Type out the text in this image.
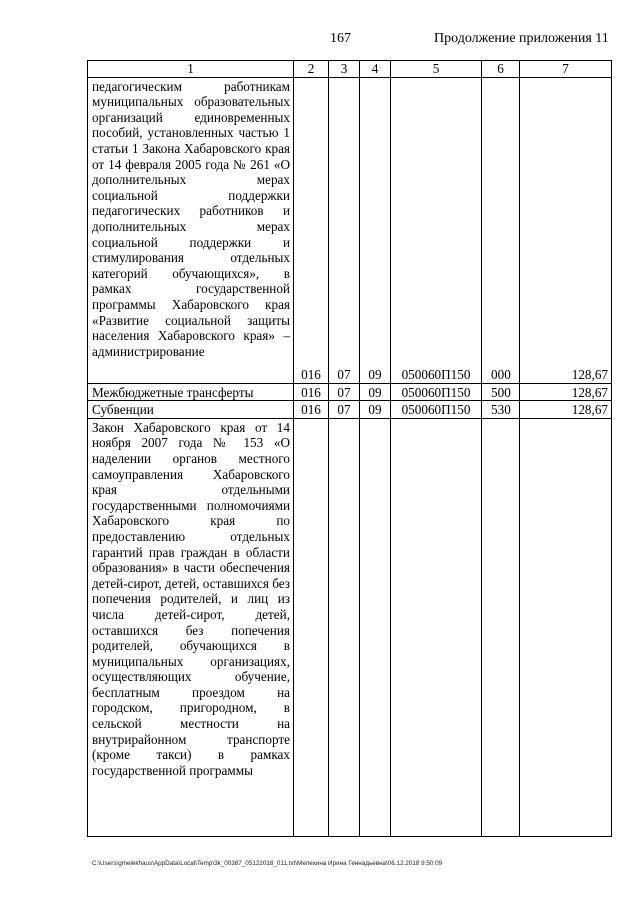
167	Продолжение приложения 11
1	2	3	4	5	6	7
педагогическим работникам муниципальных образовательных организаций единовременных пособий, установленных частью 1 статьи 1 Закона Хабаровского края от 14 февраля 2005 года № 261 «О дополнительных мерах социальной поддержки педагогических работников и дополнительных мерах социальной поддержки и стимулирования отдельных категорий обучающихся», в рамках государственной программы Хабаровского края «Развитие социальной защиты населения Хабаровского края» – администрирование	016	07	09	050060П150	000	128,67
Межбюджетные трансферты	016	07	09	050060П150	500	128,67
Субвенции	016	07	09	050060П150	530	128,67
Закон Хабаровского края от 14 ноября 2007 года № 153 «О наделении органов местного самоуправления Хабаровского края отдельными государственными полномочиями Хабаровского края по предоставлению отдельных гарантий прав граждан в области образования» в части обеспечения детей-сирот, детей, оставшихся без попечения родителей, и лиц из числа детей-сирот, детей, оставшихся без попечения родителей, обучающихся в муниципальных организациях, осуществляющих обучение, бесплатным проездом на городском, пригородном, в сельской местности на внутрирайонном транспорте (кроме такси) в рамках государственной программы						
C:\Users\gmelekhaus\AppData\Local\Temp\3k_00387_05122018_011.txt\Мелехина Ирина Геннадьевна\06.12.2018 9:50:09
